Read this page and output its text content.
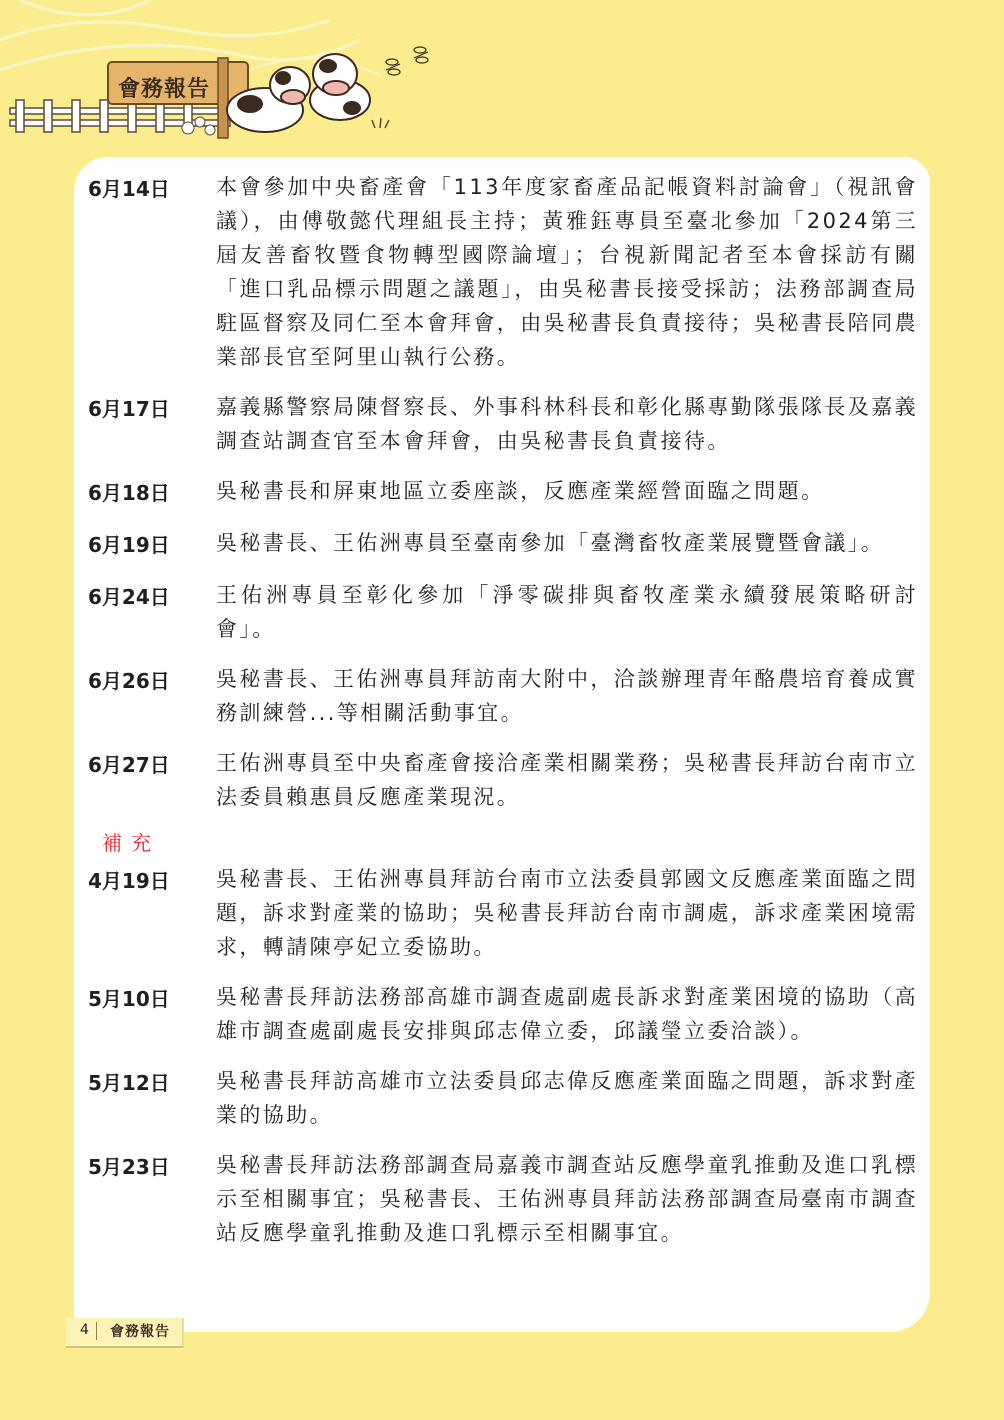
會務報告
6月14日	本會參加中央畜產會「113年度家畜產品記帳資料討論會」（視訊會議），由傅敬懿代理組長主持；黃雅鈺專員至臺北參加「2024第三屆友善畜牧暨食物轉型國際論壇」；台視新聞記者至本會採訪有關「進口乳品標示問題之議題」，由吳秘書長接受採訪；法務部調查局駐區督察及同仁至本會拜會，由吳秘書長負責接待；吳秘書長陪同農業部長官至阿里山執行公務。
6月17日	嘉義縣警察局陳督察長、外事科林科長和彰化縣專勤隊張隊長及嘉義調查站調查官至本會拜會，由吳秘書長負責接待。
6月18日	吳秘書長和屏東地區立委座談，反應產業經營面臨之問題。
6月19日	吳秘書長、王佑洲專員至臺南參加「臺灣畜牧產業展覽暨會議」。
6月24日	王佑洲專員至彰化參加「淨零碳排與畜牧產業永續發展策略研討會」。
6月26日	吳秘書長、王佑洲專員拜訪南大附中，洽談辦理青年酪農培育養成實務訓練營...等相關活動事宜。
6月27日	王佑洲專員至中央畜產會接洽產業相關業務；吳秘書長拜訪台南市立法委員賴惠員反應產業現況。
補充
4月19日	吳秘書長、王佑洲專員拜訪台南市立法委員郭國文反應產業面臨之問題，訴求對產業的協助；吳秘書長拜訪台南市調處，訴求產業困境需求，轉請陳亭妃立委協助。
5月10日	吳秘書長拜訪法務部高雄市調查處副處長訴求對產業困境的協助（高雄市調查處副處長安排與邱志偉立委，邱議瑩立委洽談）。
5月12日	吳秘書長拜訪高雄市立法委員邱志偉反應產業面臨之問題，訴求對產業的協助。
5月23日	吳秘書長拜訪法務部調查局嘉義市調查站反應學童乳推動及進口乳標示至相關事宜；吳秘書長、王佑洲專員拜訪法務部調查局臺南市調查站反應學童乳推動及進口乳標示至相關事宜。
4 會務報告
